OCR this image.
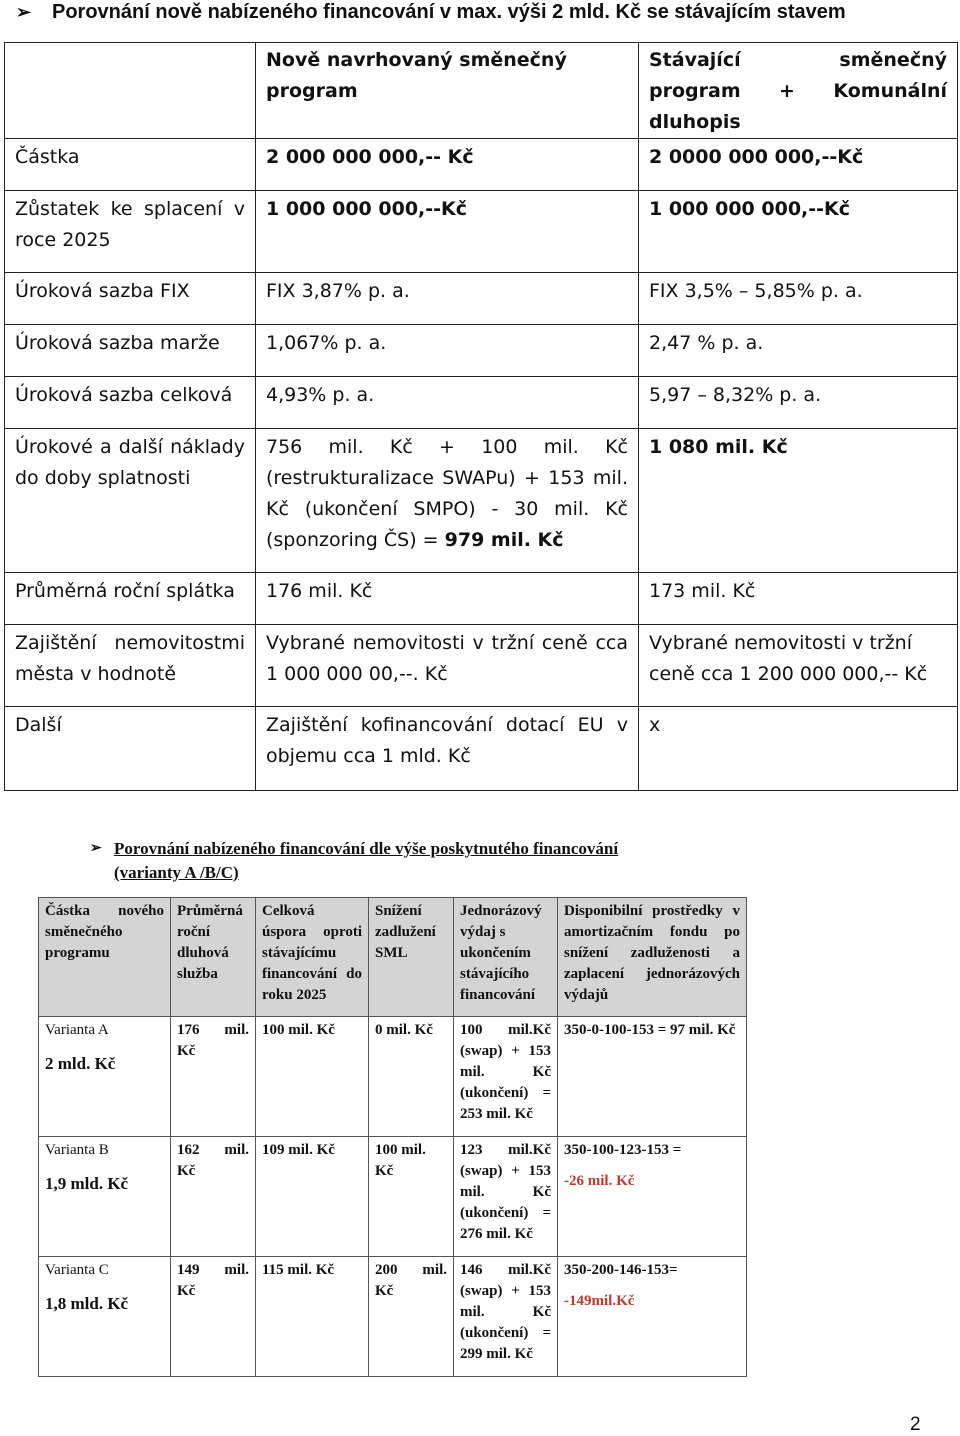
➢ Porovnání nově nabízeného financování v max. výši 2 mld. Kč se stávajícím stavem
	Nově navrhovaný směnečný program	Stávající směnečný program + Komunální dluhopis
Částka	2 000 000 000,-- Kč	2 0000 000 000,--Kč
Zůstatek ke splacení v roce 2025	1 000 000 000,--Kč	1 000 000 000,--Kč
Úroková sazba FIX	FIX 3,87% p. a.	FIX 3,5% – 5,85% p. a.
Úroková sazba marže	1,067% p. a.	2,47 % p. a.
Úroková sazba celková	4,93% p. a.	5,97 – 8,32% p. a.
Úrokové a další náklady do doby splatnosti	756 mil. Kč + 100 mil. Kč (restrukturalizace SWAPu) + 153 mil. Kč (ukončení SMPO) - 30 mil. Kč (sponzoring ČS) = 979 mil. Kč	1 080 mil. Kč
Průměrná roční splátka	176 mil. Kč	173 mil. Kč
Zajištění nemovitostmi města v hodnotě	Vybrané nemovitosti v tržní ceně cca 1 000 000 00,--. Kč	Vybrané nemovitosti v tržní ceně cca 1 200 000 000,-- Kč
Další	Zajištění kofinancování dotací EU v objemu cca 1 mld. Kč	x
➢ Porovnání nabízeného financování dle výše poskytnutého financování
(varianty A /B/C)
Částka nového směnečného programu	Průměrná roční dluhová služba	Celková úspora oproti stávajícímu financování do roku 2025	Snížení zadlužení SML	Jednorázový výdaj s ukončením stávajícího financování	Disponibilní prostředky v amortizačním fondu po snížení zadluženosti a zaplacení jednorázových výdajů

Varianta A
2 mld. Kč	176 mil. Kč	100 mil. Kč	0 mil. Kč	100 mil.Kč (swap) + 153 mil. Kč (ukončení) = 253 mil. Kč	350-0-100-153 = 97 mil. Kč

Varianta B
1,9 mld. Kč	162 mil. Kč	109 mil. Kč	100 mil. Kč	123 mil.Kč (swap) + 153 mil. Kč (ukončení) = 276 mil. Kč	350-100-123-153 =
-26 mil. Kč

Varianta C
1,8 mld. Kč	149 mil. Kč	115 mil. Kč	200 mil. Kč	146 mil.Kč (swap) + 153 mil. Kč (ukončení) = 299 mil. Kč	350-200-146-153=
-149mil.Kč
2
